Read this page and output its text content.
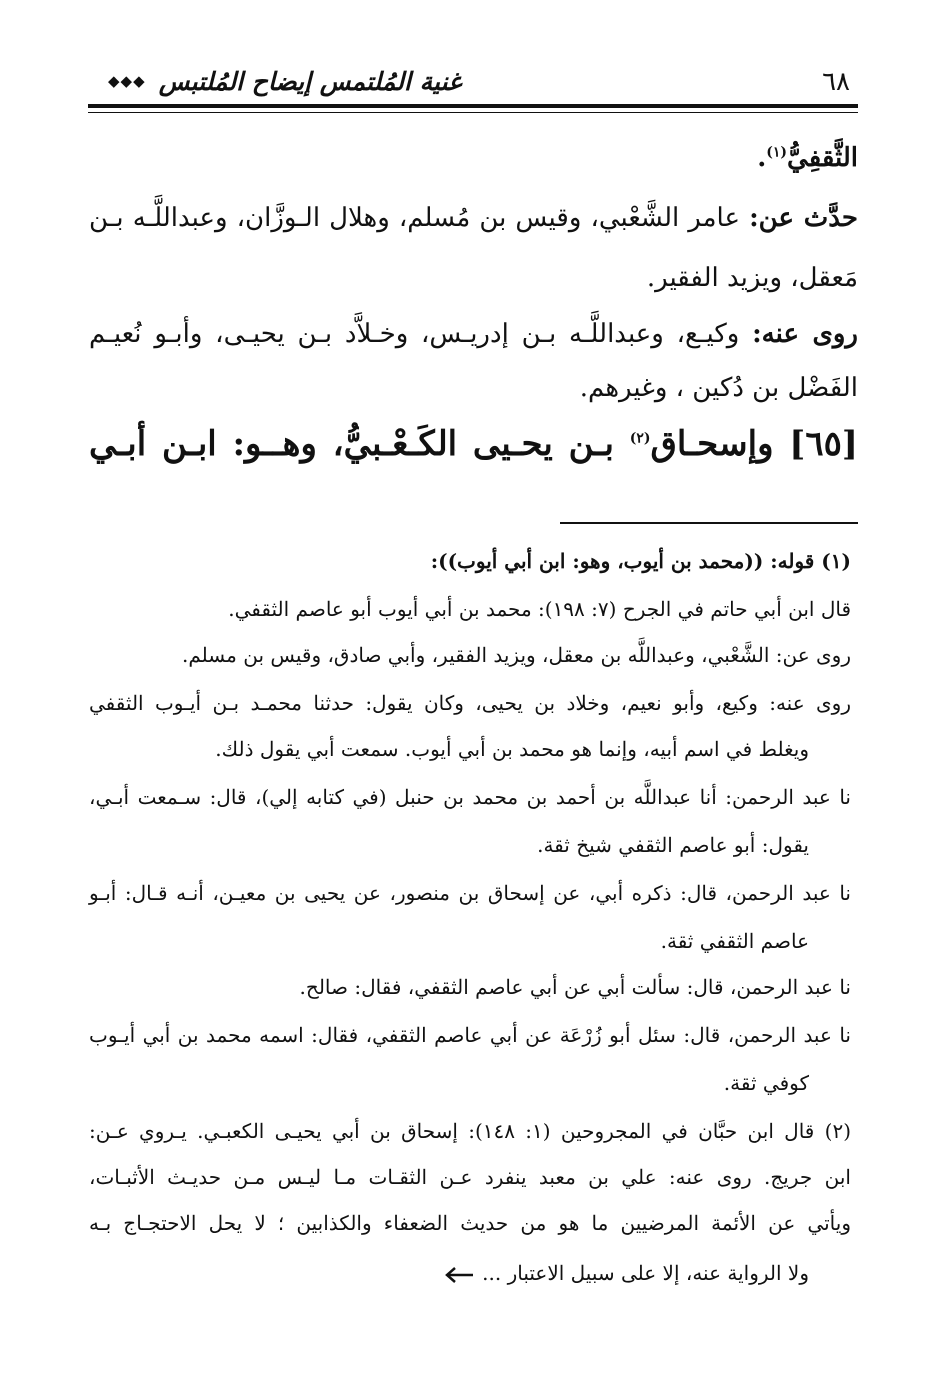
◆◆◆ غنية المُلتمس إيضاح المُلتبس	٦٨
الثَّقفِيُّ$^{(١)}$.
حدَّث عن: عامر الشَّعْبي، وقيس بن مُسلم، وهلال الـوزَّان، وعبداللَّـه بـن
مَعقل، ويزيد الفقير.
روى عنه: وكيـع، وعبداللَّـه بـن إدريـس، وخـلاَّد بـن يحيـى، وأبـو نُعيـم
الفَضْل بن دُكين ، وغيرهم.
[٦٥] وإسحـاق$^{(٢)}$ بـن يحـيى الكَـعْـبيُّ، وهــو: ابـن أبـي
(١) قوله: ((محمد بن أيوب، وهو: ابن أبي أيوب)):
قال ابن أبي حاتم في الجرح (٧: ١٩٨): محمد بن أبي أيوب أبو عاصم الثقفي.
روى عن: الشَّعْبي، وعبداللَّه بن معقل، ويزيد الفقير، وأبي صادق، وقيس بن مسلم.
روى عنه: وكيع، وأبو نعيم، وخلاد بن يحيى، وكان يقول: حدثنا محمـد بـن أيـوب الثقفي
ويغلط في اسم أبيه، وإنما هو محمد بن أبي أيوب. سمعت أبي يقول ذلك.
نا عبد الرحمن: أنا عبداللَّه بن أحمد بن محمد بن حنبل (في كتابه إلي)، قال: سـمعت أبـي،
يقول: أبو عاصم الثقفي شيخ ثقة.
نا عبد الرحمن، قال: ذكره أبي، عن إسحاق بن منصور، عن يحيى بن معيـن، أنـه قـال: أبـو
عاصم الثقفي ثقة.
نا عبد الرحمن، قال: سألت أبي عن أبي عاصم الثقفي، فقال: صالح.
نا عبد الرحمن، قال: سئل أبو زُرْعَة عن أبي عاصم الثقفي، فقال: اسمه محمد بن أبي أيـوب
كوفي ثقة.
(٢) قال ابن حبَّان في المجروحين (١: ١٤٨): إسحاق بن أبي يحيـى الكعبـي. يـروي عـن:
ابن جريج. روى عنه: علي بن معبد ينفرد عـن الثقـات مـا ليـس مـن حديـث الأثبـات،
ويأتي عن الأئمة المرضيين ما هو من حديث الضعفاء والكذابين ؛ لا يحل الاحتجـاج بـه
ولا الرواية عنه، إلا على سبيل الاعتبار ...
